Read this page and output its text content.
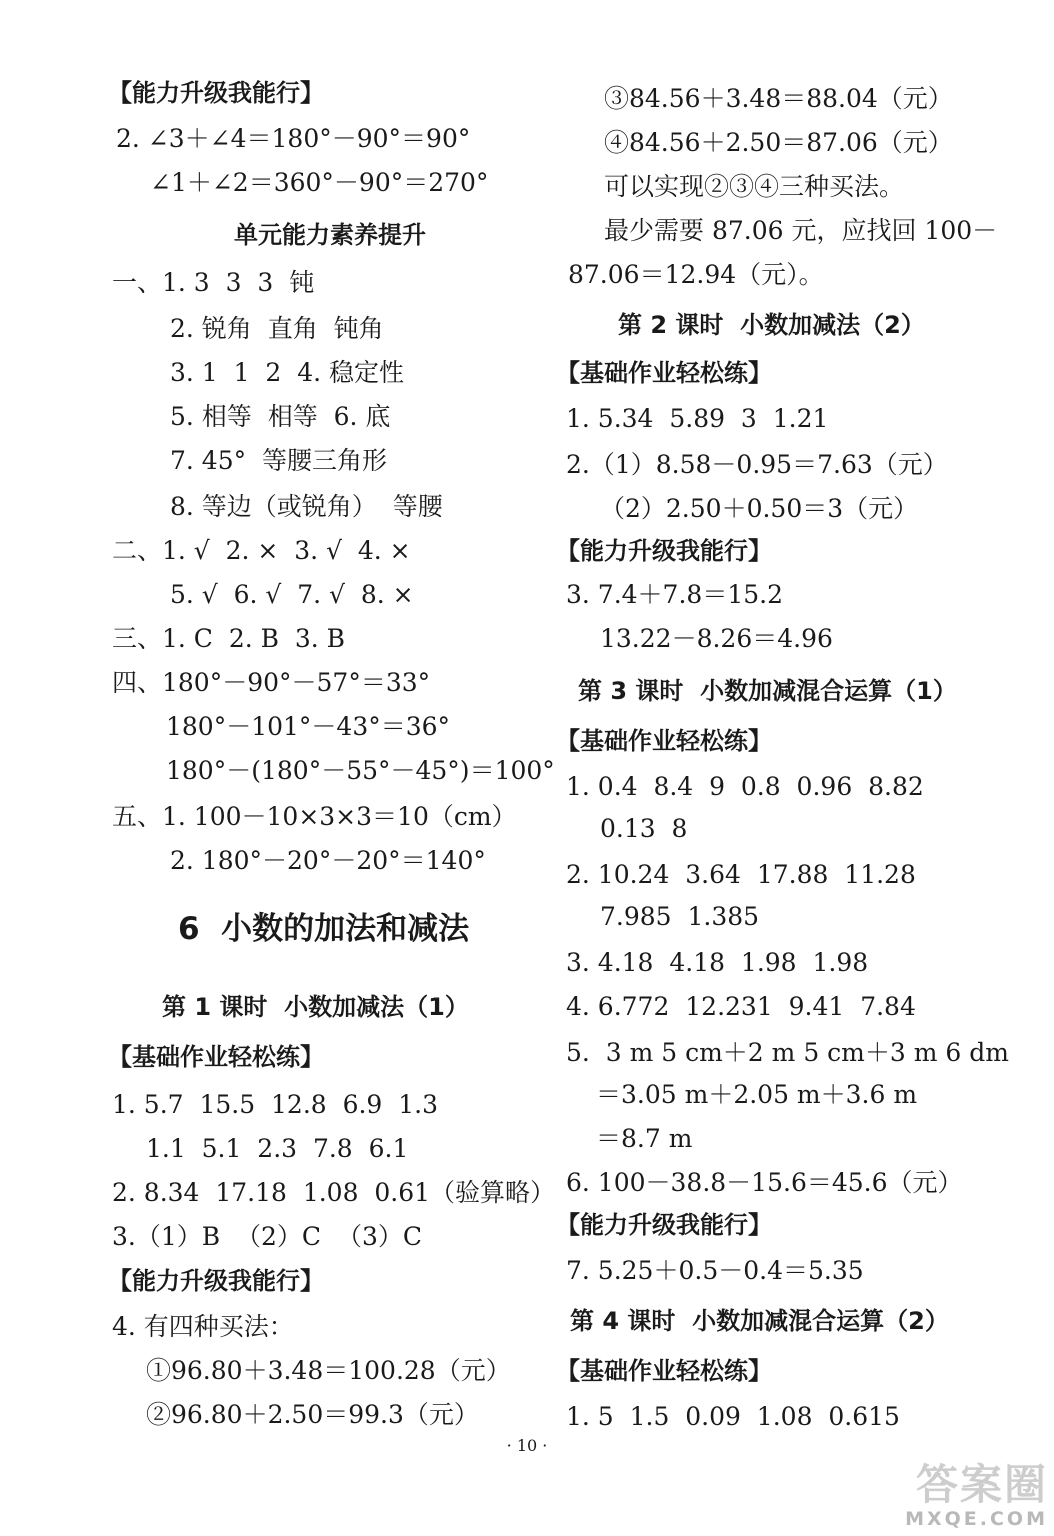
【能力升级我能行】
2. ∠3＋∠4＝180°－90°＝90°
∠1＋∠2＝360°－90°＝270°
单元能力素养提升
一、1. 3  3  3  钝
2. 锐角  直角  钝角
3. 1  1  2  4. 稳定性
5. 相等  相等  6. 底
7. 45°  等腰三角形
8. 等边（或锐角）  等腰
二、1. √  2. ×  3. √  4. ×
5. √  6. √  7. √  8. ×
三、1. C  2. B  3. B
四、180°－90°－57°＝33°
180°－101°－43°＝36°
180°－(180°－55°－45°)＝100°
五、1. 100－10×3×3＝10（cm）
2. 180°－20°－20°＝140°
6  小数的加法和减法
第 1 课时  小数加减法（1）
【基础作业轻松练】
1. 5.7  15.5  12.8  6.9  1.3
1.1  5.1  2.3  7.8  6.1
2. 8.34  17.18  1.08  0.61（验算略）
3.（1）B  （2）C  （3）C
【能力升级我能行】
4. 有四种买法：
①96.80＋3.48＝100.28（元）
②96.80＋2.50＝99.3（元）
③84.56＋3.48＝88.04（元）
④84.56＋2.50＝87.06（元）
可以实现②③④三种买法。
最少需要 87.06 元，应找回 100－
87.06＝12.94（元）。
第 2 课时  小数加减法（2）
【基础作业轻松练】
1. 5.34  5.89  3  1.21
2.（1）8.58－0.95＝7.63（元）
（2）2.50＋0.50＝3（元）
【能力升级我能行】
3. 7.4＋7.8＝15.2
13.22－8.26＝4.96
第 3 课时  小数加减混合运算（1）
【基础作业轻松练】
1. 0.4  8.4  9  0.8  0.96  8.82
0.13  8
2. 10.24  3.64  17.88  11.28
7.985  1.385
3. 4.18  4.18  1.98  1.98
4. 6.772  12.231  9.41  7.84
5.  3 m 5 cm＋2 m 5 cm＋3 m 6 dm
＝3.05 m＋2.05 m＋3.6 m
＝8.7 m
6. 100－38.8－15.6＝45.6（元）
【能力升级我能行】
7. 5.25＋0.5－0.4＝5.35
第 4 课时  小数加减混合运算（2）
【基础作业轻松练】
1. 5  1.5  0.09  1.08  0.615
· 10 ·
答案圈
MXQE.COM
